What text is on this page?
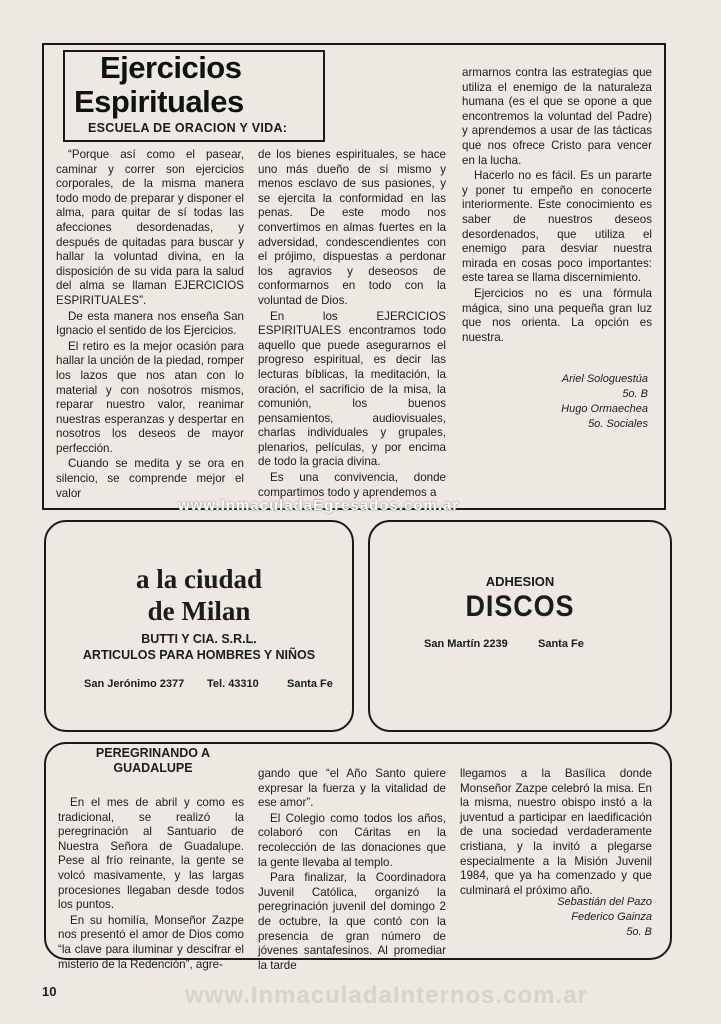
Ejercicios
Espirituales
ESCUELA DE ORACION Y VIDA:

“Porque así como el pasear, caminar y correr son ejercicios corporales, de la misma manera todo modo de preparar y disponer el alma, para quitar de sí todas las afecciones desordenadas, y después de quitadas para buscar y hallar la voluntad divina, en la disposición de su vida para la salud del alma se llaman EJERCICIOS ESPIRITUALES”.

De esta manera nos enseña San Ignacio el sentido de los Ejercicios.

El retiro es la mejor ocasión para hallar la unción de la piedad, romper los lazos que nos atan con lo material y con nosotros mismos, reparar nuestro valor, reanimar nuestras esperanzas y despertar en nosotros los deseos de mayor perfección.

Cuando se medita y se ora en silencio, se comprende mejor el valor

de los bienes espirituales, se hace uno más dueño de sí mismo y menos esclavo de sus pasiones, y se ejercita la conformidad en las penas. De este modo nos convertimos en almas fuertes en la adversidad, condescendientes con el prójimo, dispuestas a perdonar los agravios y deseosos de conformarnos en todo con la voluntad de Dios.

En los EJERCICIOS ESPIRITUALES encontramos todo aquello que puede asegurarnos el progreso espiritual, es decir las lecturas bíblicas, la meditación, la oración, el sacrificio de la misa, la comunión, los buenos pensamientos, audiovisuales, charlas individuales y grupales, plenarios, películas, y por encima de todo la gracia divina.

Es una convivencia, donde compartimos todo y aprendemos a

armarnos contra las estrategias que utiliza el enemigo de la naturaleza humana (es el que se opone a que encontremos la voluntad del Padre) y aprendemos a usar de las tácticas que nos ofrece Cristo para vencer en la lucha.

Hacerlo no es fácil. Es un pararte y poner tu empeño en conocerte interiormente. Este conocimiento es saber de nuestros deseos desordenados, que utiliza el enemigo para desviar nuestra mirada en cosas poco importantes: este tarea se llama discernimiento.

Ejercicios no es una fórmula mágica, sino una pequeña gran luz que nos orienta. La opción es nuestra.

Ariel Sologuestúa
5o. B
Hugo Ormaechea
5o. Sociales
www.InmaculadaEgresados.com.ar
a la ciudad
de Milan
BUTTI Y CIA. S.R.L.
ARTICULOS PARA HOMBRES Y NIÑOS
San Jerónimo 2377 Tel. 43310	Santa Fe
ADHESION
DISCOS
San Martín 2239	Santa Fe
PEREGRINANDO A
GUADALUPE

En el mes de abril y como es tradicional, se realizó la peregrinación al Santuario de Nuestra Señora de Guadalupe. Pese al frío reinante, la gente se volcó masivamente, y las largas procesiones llegaban desde todos los puntos.

En su homilía, Monseñor Zazpe nos presentó el amor de Dios como “la clave para iluminar y descifrar el misterio de la Redención”, agre-

gando que “el Año Santo quiere expresar la fuerza y la vitalidad de ese amor”.

El Colegio como todos los años, colaboró con Cáritas en la recolección de las donaciones que la gente llevaba al templo.

Para finalizar, la Coordinadora Juvenil Católica, organizó la peregrinación juvenil del domingo 2 de octubre, la que contó con la presencia de gran número de jóvenes santafesinos. Al promediar la tarde

llegamos a la Basílica donde Monseñor Zazpe celebró la misa. En la misma, nuestro obispo instó a la juventud a participar en laedificación de una sociedad verdaderamente cristiana, y la invitó a plegarse especialmente a la Misión Juvenil 1984, que ya ha comenzado y que culminará el próximo año.

Sebastián del Pazo
Federico Gainza
5o. B
10	www.InmaculadaInternos.com.ar
